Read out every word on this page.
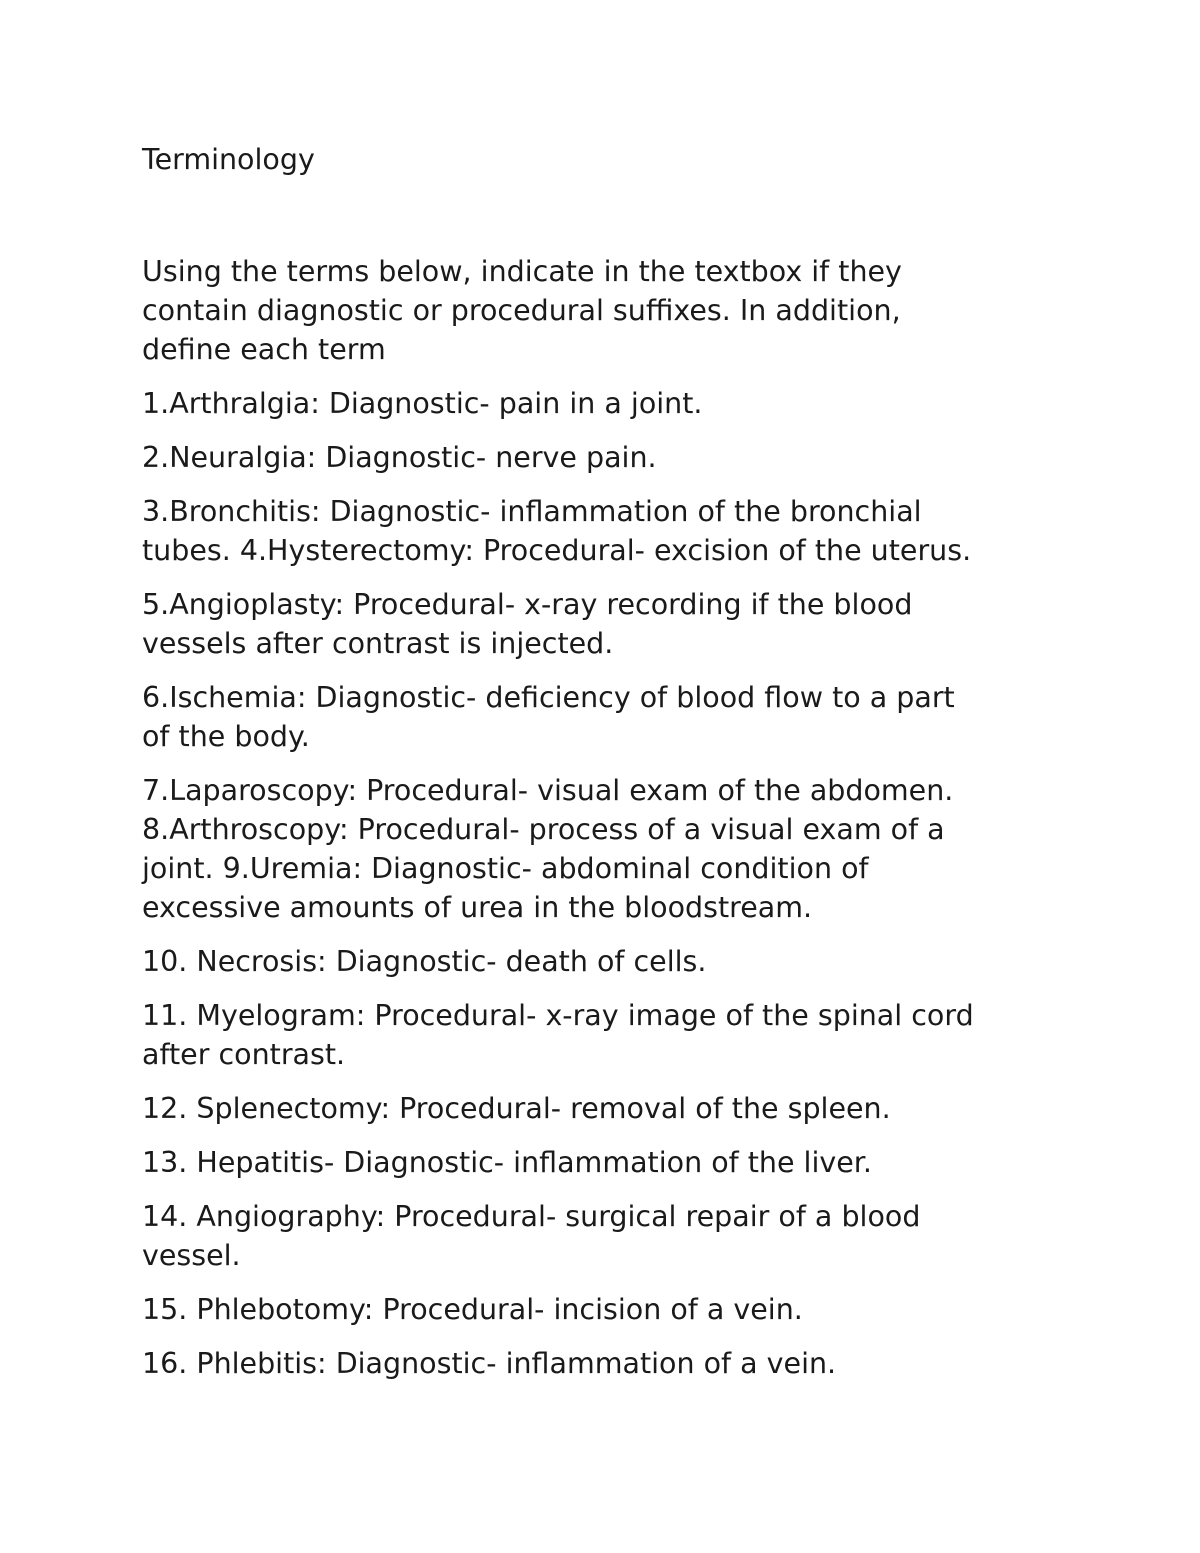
Terminology

Using the terms below, indicate in the textbox if they
contain diagnostic or procedural suffixes. In addition,
define each term

1.Arthralgia: Diagnostic- pain in a joint.

2.Neuralgia: Diagnostic- nerve pain.

3.Bronchitis: Diagnostic- inflammation of the bronchial
tubes. 4.Hysterectomy: Procedural- excision of the uterus.

5.Angioplasty: Procedural- x-ray recording if the blood
vessels after contrast is injected.

6.Ischemia: Diagnostic- deficiency of blood flow to a part
of the body.

7.Laparoscopy: Procedural- visual exam of the abdomen.
8.Arthroscopy: Procedural- process of a visual exam of a
joint. 9.Uremia: Diagnostic- abdominal condition of
excessive amounts of urea in the bloodstream.

10. Necrosis: Diagnostic- death of cells.

11. Myelogram: Procedural- x-ray image of the spinal cord
after contrast.

12. Splenectomy: Procedural- removal of the spleen.

13. Hepatitis- Diagnostic- inflammation of the liver.

14. Angiography: Procedural- surgical repair of a blood
vessel.

15. Phlebotomy: Procedural- incision of a vein.

16. Phlebitis: Diagnostic- inflammation of a vein.
